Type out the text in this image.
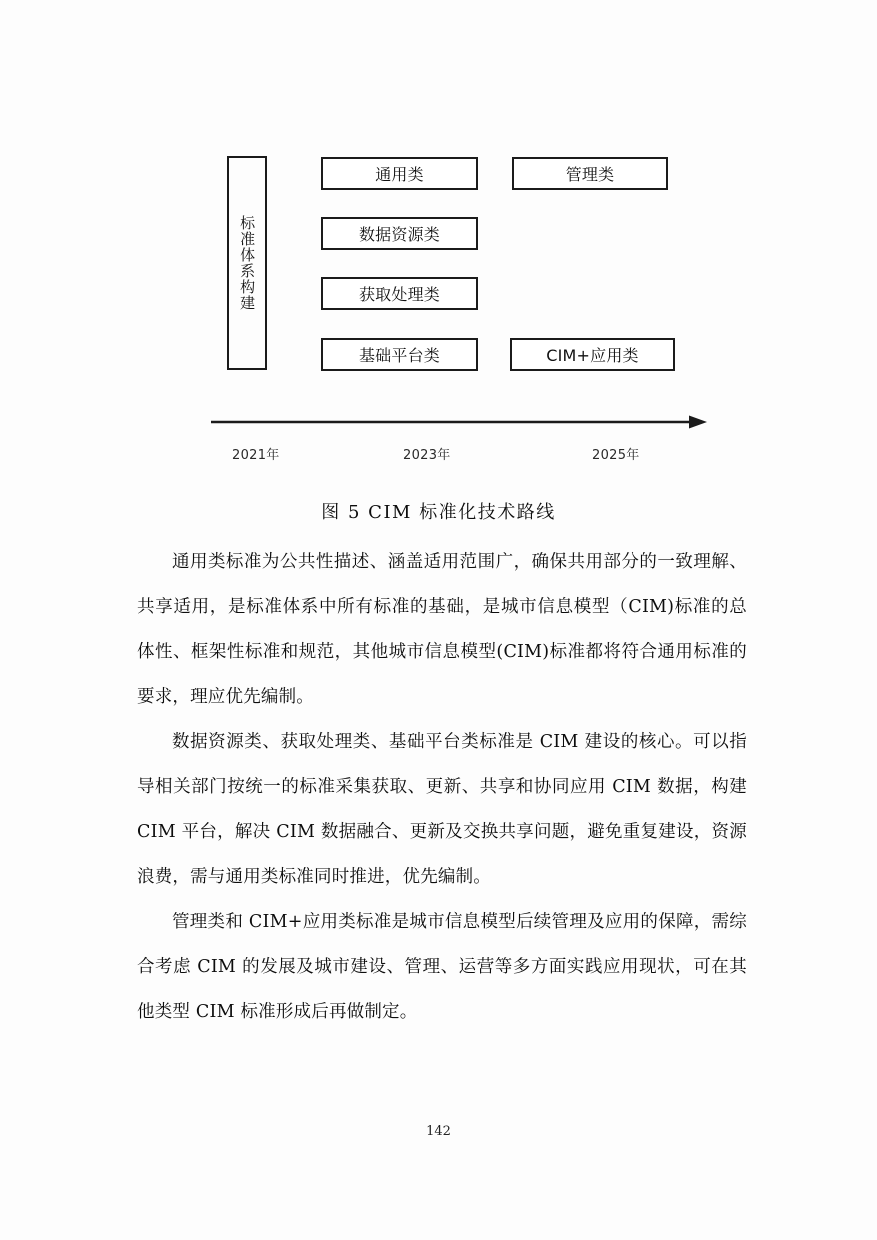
标准体系构建
通用类
数据资源类
获取处理类
基础平台类
管理类
CIM+应用类
2021年	2023年	2025年
图 5 CIM 标准化技术路线

通用类标准为公共性描述、涵盖适用范围广，确保共用部分的一致理解、共享适用，是标准体系中所有标准的基础，是城市信息模型（CIM)标准的总体性、框架性标准和规范，其他城市信息模型(CIM)标准都将符合通用标准的要求，理应优先编制。

数据资源类、获取处理类、基础平台类标准是 CIM 建设的核心。可以指导相关部门按统一的标准采集获取、更新、共享和协同应用 CIM 数据，构建 CIM 平台，解决 CIM 数据融合、更新及交换共享问题，避免重复建设，资源浪费，需与通用类标准同时推进，优先编制。

管理类和 CIM+应用类标准是城市信息模型后续管理及应用的保障，需综合考虑 CIM 的发展及城市建设、管理、运营等多方面实践应用现状，可在其他类型 CIM 标准形成后再做制定。

142
